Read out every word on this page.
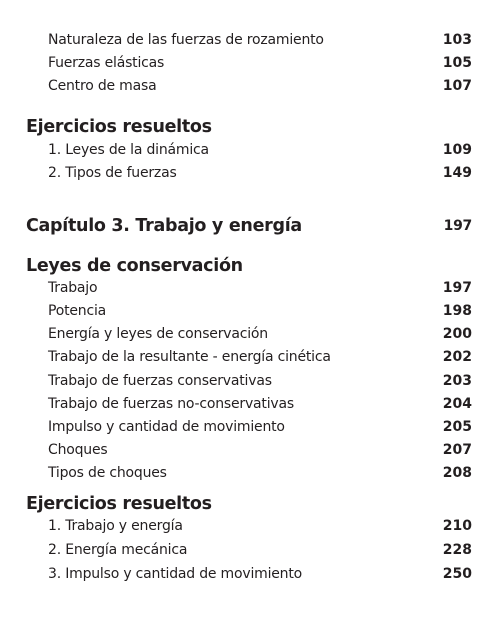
Naturaleza de las fuerzas de rozamiento	103
Fuerzas elásticas	105
Centro de masa	107
Ejercicios resueltos
1. Leyes de la dinámica	109
2. Tipos de fuerzas	149
Capítulo 3. Trabajo y energía	197
Leyes de conservación
Trabajo	197
Potencia	198
Energía y leyes de conservación	200
Trabajo de la resultante - energía cinética	202
Trabajo de fuerzas conservativas	203
Trabajo de fuerzas no-conservativas	204
Impulso y cantidad de movimiento	205
Choques	207
Tipos de choques	208
Ejercicios resueltos
1. Trabajo y energía	210
2. Energía mecánica	228
3. Impulso y cantidad de movimiento	250
